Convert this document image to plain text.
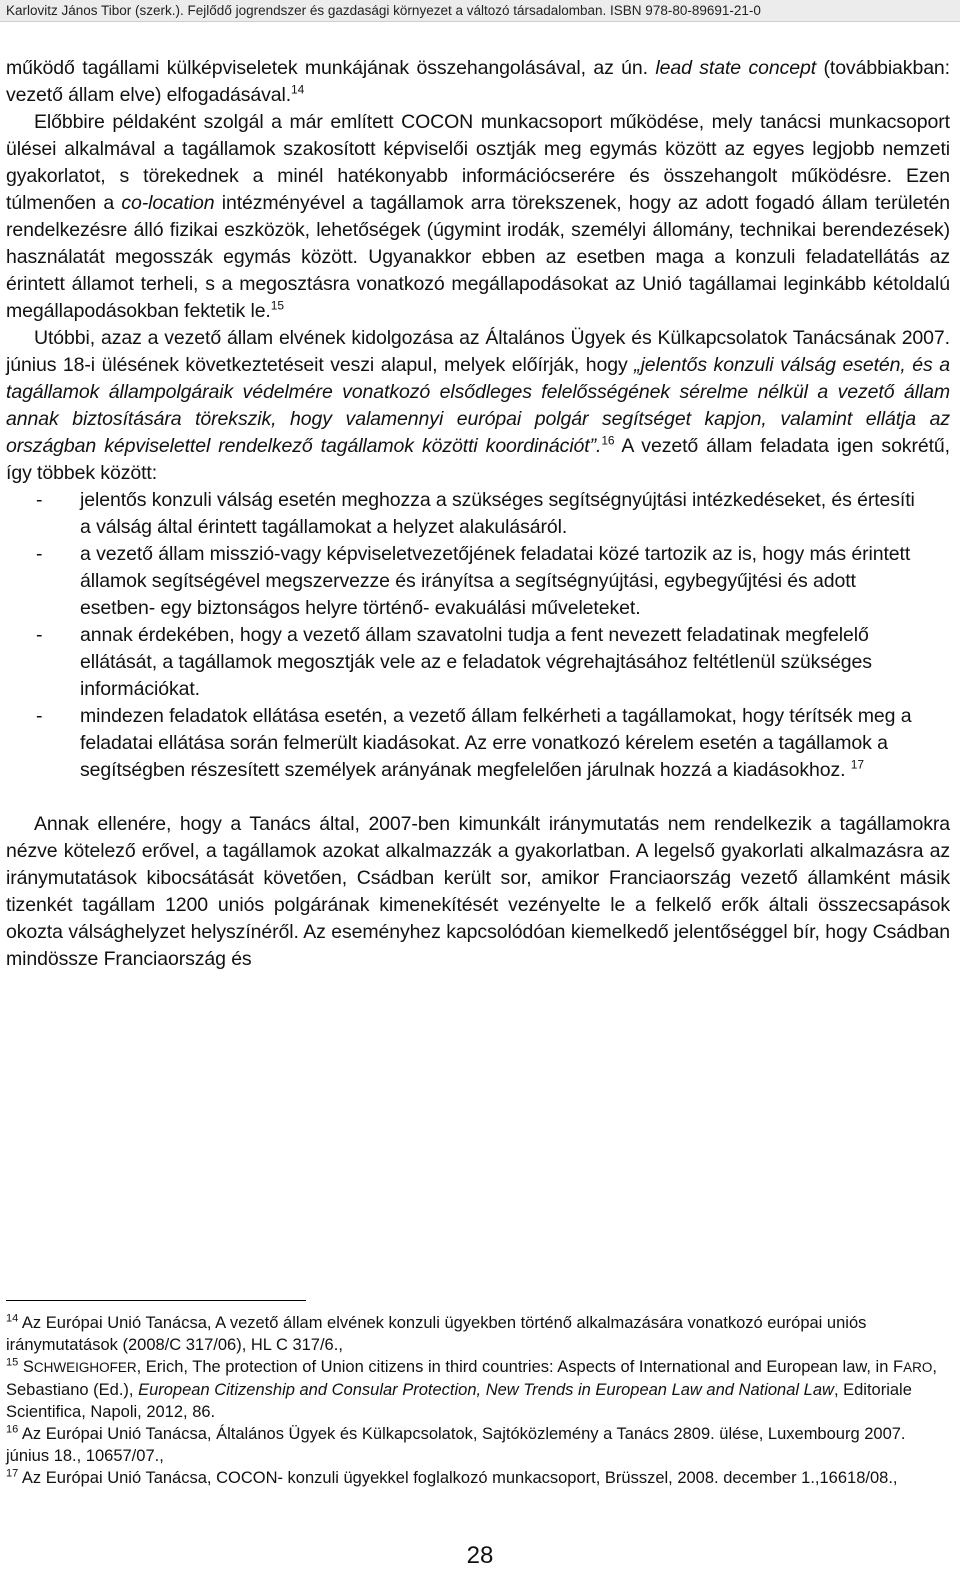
Karlovitz János Tibor (szerk.). Fejlődő jogrendszer és gazdasági környezet a változó társadalomban. ISBN 978-80-89691-21-0

működő tagállami külképviseletek munkájának összehangolásával, az ún. lead state concept (továbbiakban: vezető állam elve) elfogadásával.$^{14}$

Előbbire példaként szolgál a már említett COCON munkacsoport működése, mely tanácsi munkacsoport ülései alkalmával a tagállamok szakosított képviselői osztják meg egymás között az egyes legjobb nemzeti gyakorlatot, s törekednek a minél hatékonyabb információcserére és összehangolt működésre. Ezen túlmenően a co-location intézményével a tagállamok arra törekszenek, hogy az adott fogadó állam területén rendelkezésre álló fizikai eszközök, lehetőségek (úgymint irodák, személyi állomány, technikai berendezések) használatát megosszák egymás között. Ugyanakkor ebben az esetben maga a konzuli feladatellátás az érintett államot terheli, s a megosztásra vonatkozó megállapodásokat az Unió tagállamai leginkább kétoldalú megállapodásokban fektetik le.$^{15}$

Utóbbi, azaz a vezető állam elvének kidolgozása az Általános Ügyek és Külkapcsolatok Tanácsának 2007. június 18-i ülésének következtetéseit veszi alapul, melyek előírják, hogy „jelentős konzuli válság esetén, és a tagállamok állampolgáraik védelmére vonatkozó elsődleges felelősségének sérelme nélkül a vezető állam annak biztosítására törekszik, hogy valamennyi európai polgár segítséget kapjon, valamint ellátja az országban képviselettel rendelkező tagállamok közötti koordinációt”.$^{16}$ A vezető állam feladata igen sokrétű, így többek között:

- jelentős konzuli válság esetén meghozza a szükséges segítségnyújtási intézkedéseket, és értesíti a válság által érintett tagállamokat a helyzet alakulásáról.
- a vezető állam misszió-vagy képviseletvezetőjének feladatai közé tartozik az is, hogy más érintett államok segítségével megszervezze és irányítsa a segítségnyújtási, egybegyűjtési és adott esetben- egy biztonságos helyre történő- evakuálási műveleteket.
- annak érdekében, hogy a vezető állam szavatolni tudja a fent nevezett feladatinak megfelelő ellátását, a tagállamok megosztják vele az e feladatok végrehajtásához feltétlenül szükséges információkat.
- mindezen feladatok ellátása esetén, a vezető állam felkérheti a tagállamokat, hogy térítsék meg a feladatai ellátása során felmerült kiadásokat. Az erre vonatkozó kérelem esetén a tagállamok a segítségben részesített személyek arányának megfelelően járulnak hozzá a kiadásokhoz. $^{17}$

Annak ellenére, hogy a Tanács által, 2007-ben kimunkált iránymutatás nem rendelkezik a tagállamokra nézve kötelező erővel, a tagállamok azokat alkalmazzák a gyakorlatban. A legelső gyakorlati alkalmazásra az iránymutatások kibocsátását követően, Csádban került sor, amikor Franciaország vezető államként másik tizenkét tagállam 1200 uniós polgárának kimenekítését vezényelte le a felkelő erők általi összecsapások okozta válsághelyzet helyszínéről. Az eseményhez kapcsolódóan kiemelkedő jelentőséggel bír, hogy Csádban mindössze Franciaország és

$^{14}$ Az Európai Unió Tanácsa, A vezető állam elvének konzuli ügyekben történő alkalmazására vonatkozó európai uniós iránymutatások (2008/C 317/06), HL C 317/6.,

$^{15}$ SCHWEIGHOFER, Erich, The protection of Union citizens in third countries: Aspects of International and European law, in FARO, Sebastiano (Ed.), European Citizenship and Consular Protection, New Trends in European Law and National Law, Editoriale Scientifica, Napoli, 2012, 86.

$^{16}$ Az Európai Unió Tanácsa, Általános Ügyek és Külkapcsolatok, Sajtóközlemény a Tanács 2809. ülése, Luxembourg 2007. június 18., 10657/07.,

$^{17}$ Az Európai Unió Tanácsa, COCON- konzuli ügyekkel foglalkozó munkacsoport, Brüsszel, 2008. december 1.,16618/08.,

28
